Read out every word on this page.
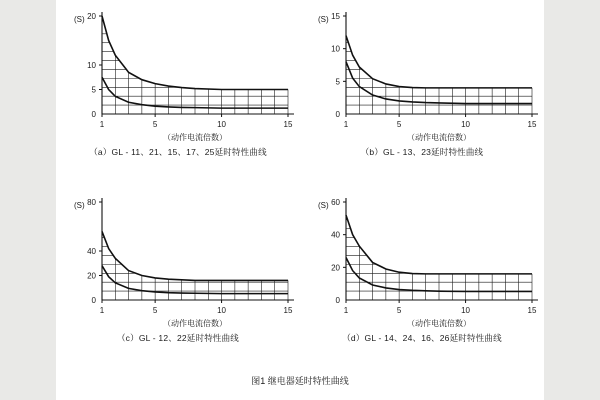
(S)
1	5	10	15
5
10
20
0
（动作电流倍数）
（a）GL - 11、21、15、17、25延时特性曲线
(S)
1	5	10	15
5
10
15
0
（动作电流倍数）
（b）GL - 13、23延时特性曲线
(S)
1	5	10	15
20
40
80
0
（动作电流倍数）
（c）GL - 12、22延时特性曲线
(S)
1	5	10	15
20
40
60
0
（动作电流倍数）
（d）GL - 14、24、16、26延时特性曲线
图1 继电器延时特性曲线
